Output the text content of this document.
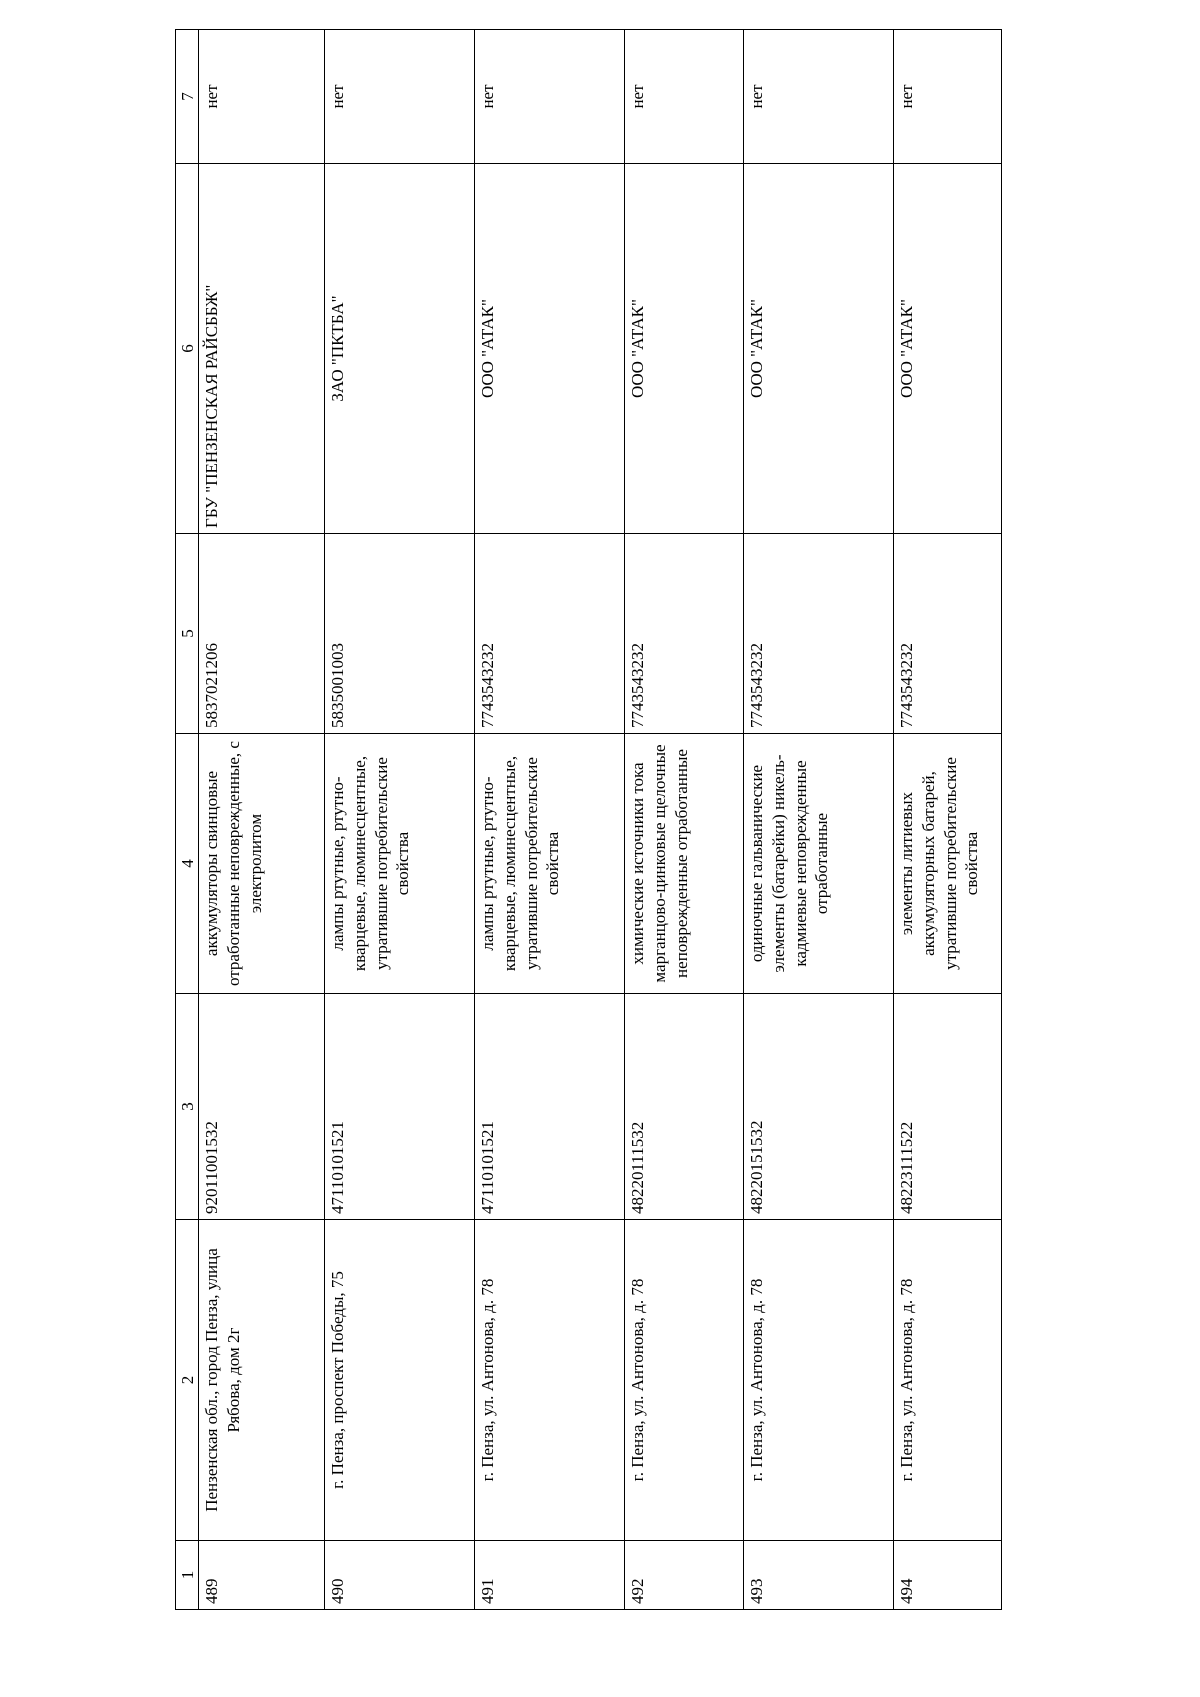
1	2	3	4	5	6	7
489	Пензенская обл., город Пенза, улица Рябова, дом 2г	92011001532	аккумуляторы свинцовые отработанные неповрежденные, с электролитом	5837021206	ГБУ "ПЕНЗЕНСКАЯ РАЙСББЖ"	нет
490	г. Пенза, проспект Победы, 75	47110101521	лампы ртутные, ртутно-кварцевые, люминесцентные, утратившие потребительские свойства	5835001003	ЗАО "ПКТБА"	нет
491	г. Пенза, ул. Антонова, д. 78	47110101521	лампы ртутные, ртутно-кварцевые, люминесцентные, утратившие потребительские свойства	7743543232	ООО "АТАК"	нет
492	г. Пенза, ул. Антонова, д. 78	48220111532	химические источники тока марганцово-цинковые щелочные неповрежденные отработанные	7743543232	ООО "АТАК"	нет
493	г. Пенза, ул. Антонова, д. 78	48220151532	одиночные гальванические элементы (батарейки) никель-кадмиевые неповрежденные отработанные	7743543232	ООО "АТАК"	нет
494	г. Пенза, ул. Антонова, д. 78	48223111522	элементы литиевых аккумуляторных батарей, утратившие потребительские свойства	7743543232	ООО "АТАК"	нет
